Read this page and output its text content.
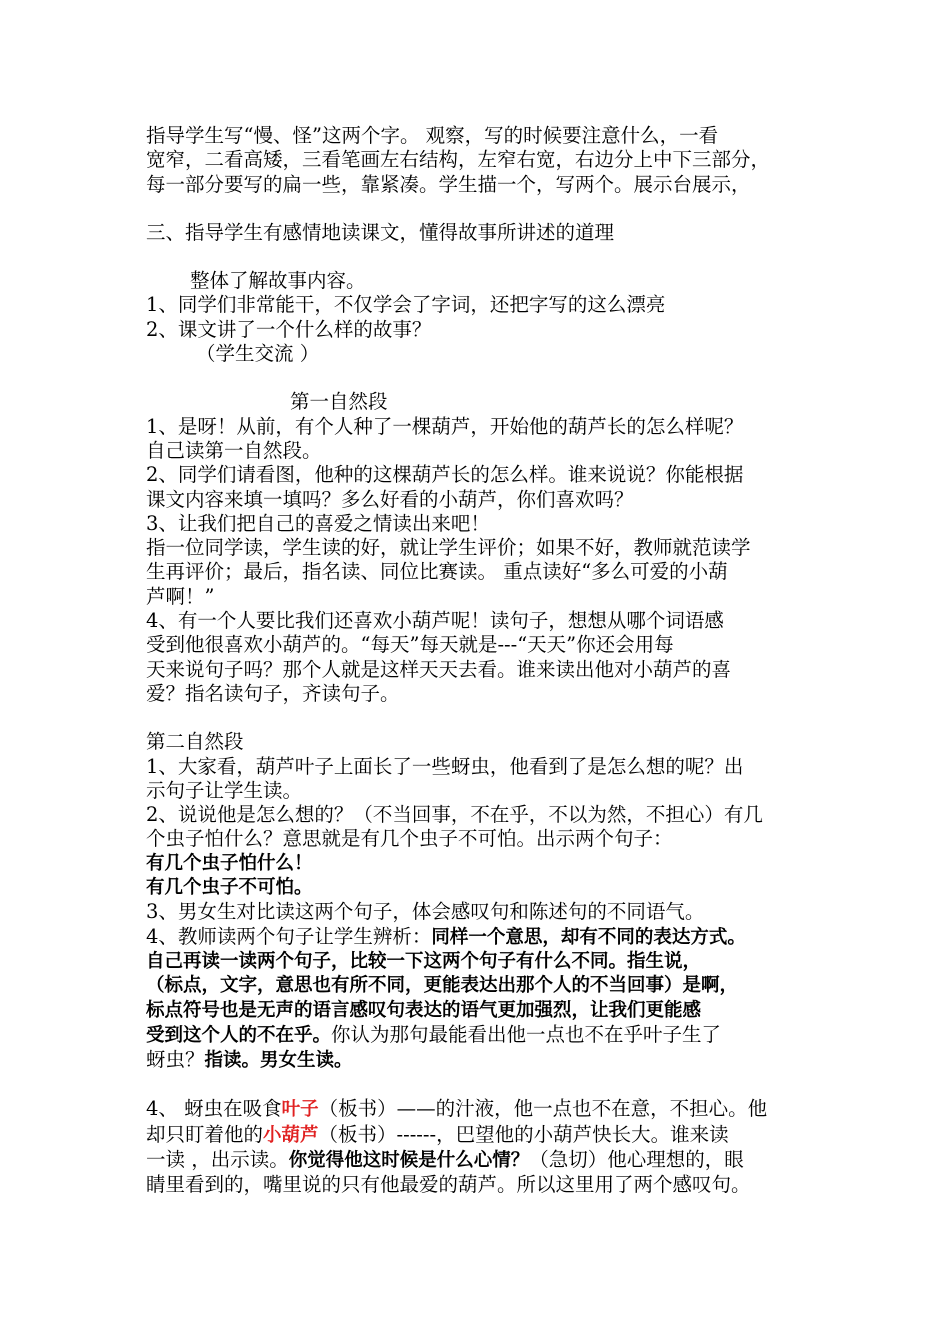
指导学生写“慢、怪”这两个字。 观察，写的时候要注意什么，一看

宽窄，二看高矮，三看笔画左右结构，左窄右宽，右边分上中下三部分，

每一部分要写的扁一些，靠紧凑。学生描一个，写两个。展示台展示，

三、指导学生有感情地读课文，懂得故事所讲述的道理

整体了解故事内容。

1、同学们非常能干，不仅学会了字词，还把字写的这么漂亮

2、课文讲了一个什么样的故事？

（学生交流 ）

第一自然段

1、是呀！从前，有个人种了一棵葫芦，开始他的葫芦长的怎么样呢？

自己读第一自然段。

2、同学们请看图，他种的这棵葫芦长的怎么样。谁来说说？你能根据

课文内容来填一填吗？多么好看的小葫芦，你们喜欢吗？

3、让我们把自己的喜爱之情读出来吧！

指一位同学读，学生读的好，就让学生评价；如果不好，教师就范读学

生再评价；最后，指名读、同位比赛读。 重点读好“多么可爱的小葫

芦啊！”

4、有一个人要比我们还喜欢小葫芦呢！读句子，想想从哪个词语感

受到他很喜欢小葫芦的。“每天”每天就是---“天天”你还会用每

天来说句子吗？那个人就是这样天天去看。谁来读出他对小葫芦的喜

爱？指名读句子，齐读句子。

第二自然段

1、大家看，葫芦叶子上面长了一些蚜虫，他看到了是怎么想的呢？出

示句子让学生读。

2、说说他是怎么想的？（不当回事，不在乎，不以为然，不担心）有几

个虫子怕什么？意思就是有几个虫子不可怕。出示两个句子：

有几个虫子怕什么！

有几个虫子不可怕。

3、男女生对比读这两个句子，体会感叹句和陈述句的不同语气。

4、教师读两个句子让学生辨析：同样一个意思，却有不同的表达方式。

自己再读一读两个句子，比较一下这两个句子有什么不同。指生说，

（标点，文字，意思也有所不同，更能表达出那个人的不当回事）是啊，

标点符号也是无声的语言感叹句表达的语气更加强烈，让我们更能感

受到这个人的不在乎。你认为那句最能看出他一点也不在乎叶子生了

蚜虫？指读。男女生读。

4、 蚜虫在吸食叶子（板书）——的汁液，他一点也不在意，不担心。他

却只盯着他的小葫芦（板书）------，巴望他的小葫芦快长大。谁来读

一读 ，出示读。你觉得他这时候是什么心情？（急切）他心理想的，眼

睛里看到的，嘴里说的只有他最爱的葫芦。所以这里用了两个感叹句。
